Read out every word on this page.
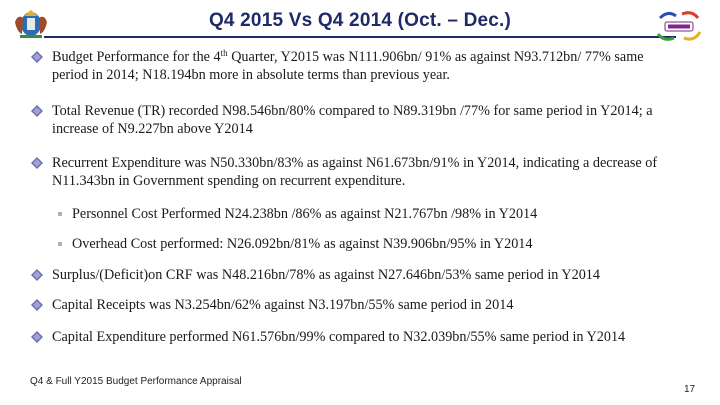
Q4 2015 Vs Q4 2014 (Oct. – Dec.)
Budget Performance for the 4th Quarter, Y2015 was N111.906bn/ 91% as against N93.712bn/ 77% same period in 2014; N18.194bn more in absolute terms than previous year.
Total Revenue (TR) recorded N98.546bn/80% compared to N89.319bn /77% for same period in Y2014; a increase of N9.227bn above Y2014
Recurrent Expenditure was N50.330bn/83% as against N61.673bn/91% in Y2014, indicating a decrease of N11.343bn in Government spending on recurrent expenditure.
Personnel Cost Performed N24.238bn /86% as against N21.767bn /98% in Y2014
Overhead Cost performed: N26.092bn/81% as against N39.906bn/95% in Y2014
Surplus/(Deficit)on CRF was N48.216bn/78% as against N27.646bn/53% same period in Y2014
Capital Receipts was N3.254bn/62% against N3.197bn/55% same period in 2014
Capital Expenditure performed N61.576bn/99% compared to N32.039bn/55% same period in Y2014
Q4 & Full Y2015 Budget Performance Appraisal
17
